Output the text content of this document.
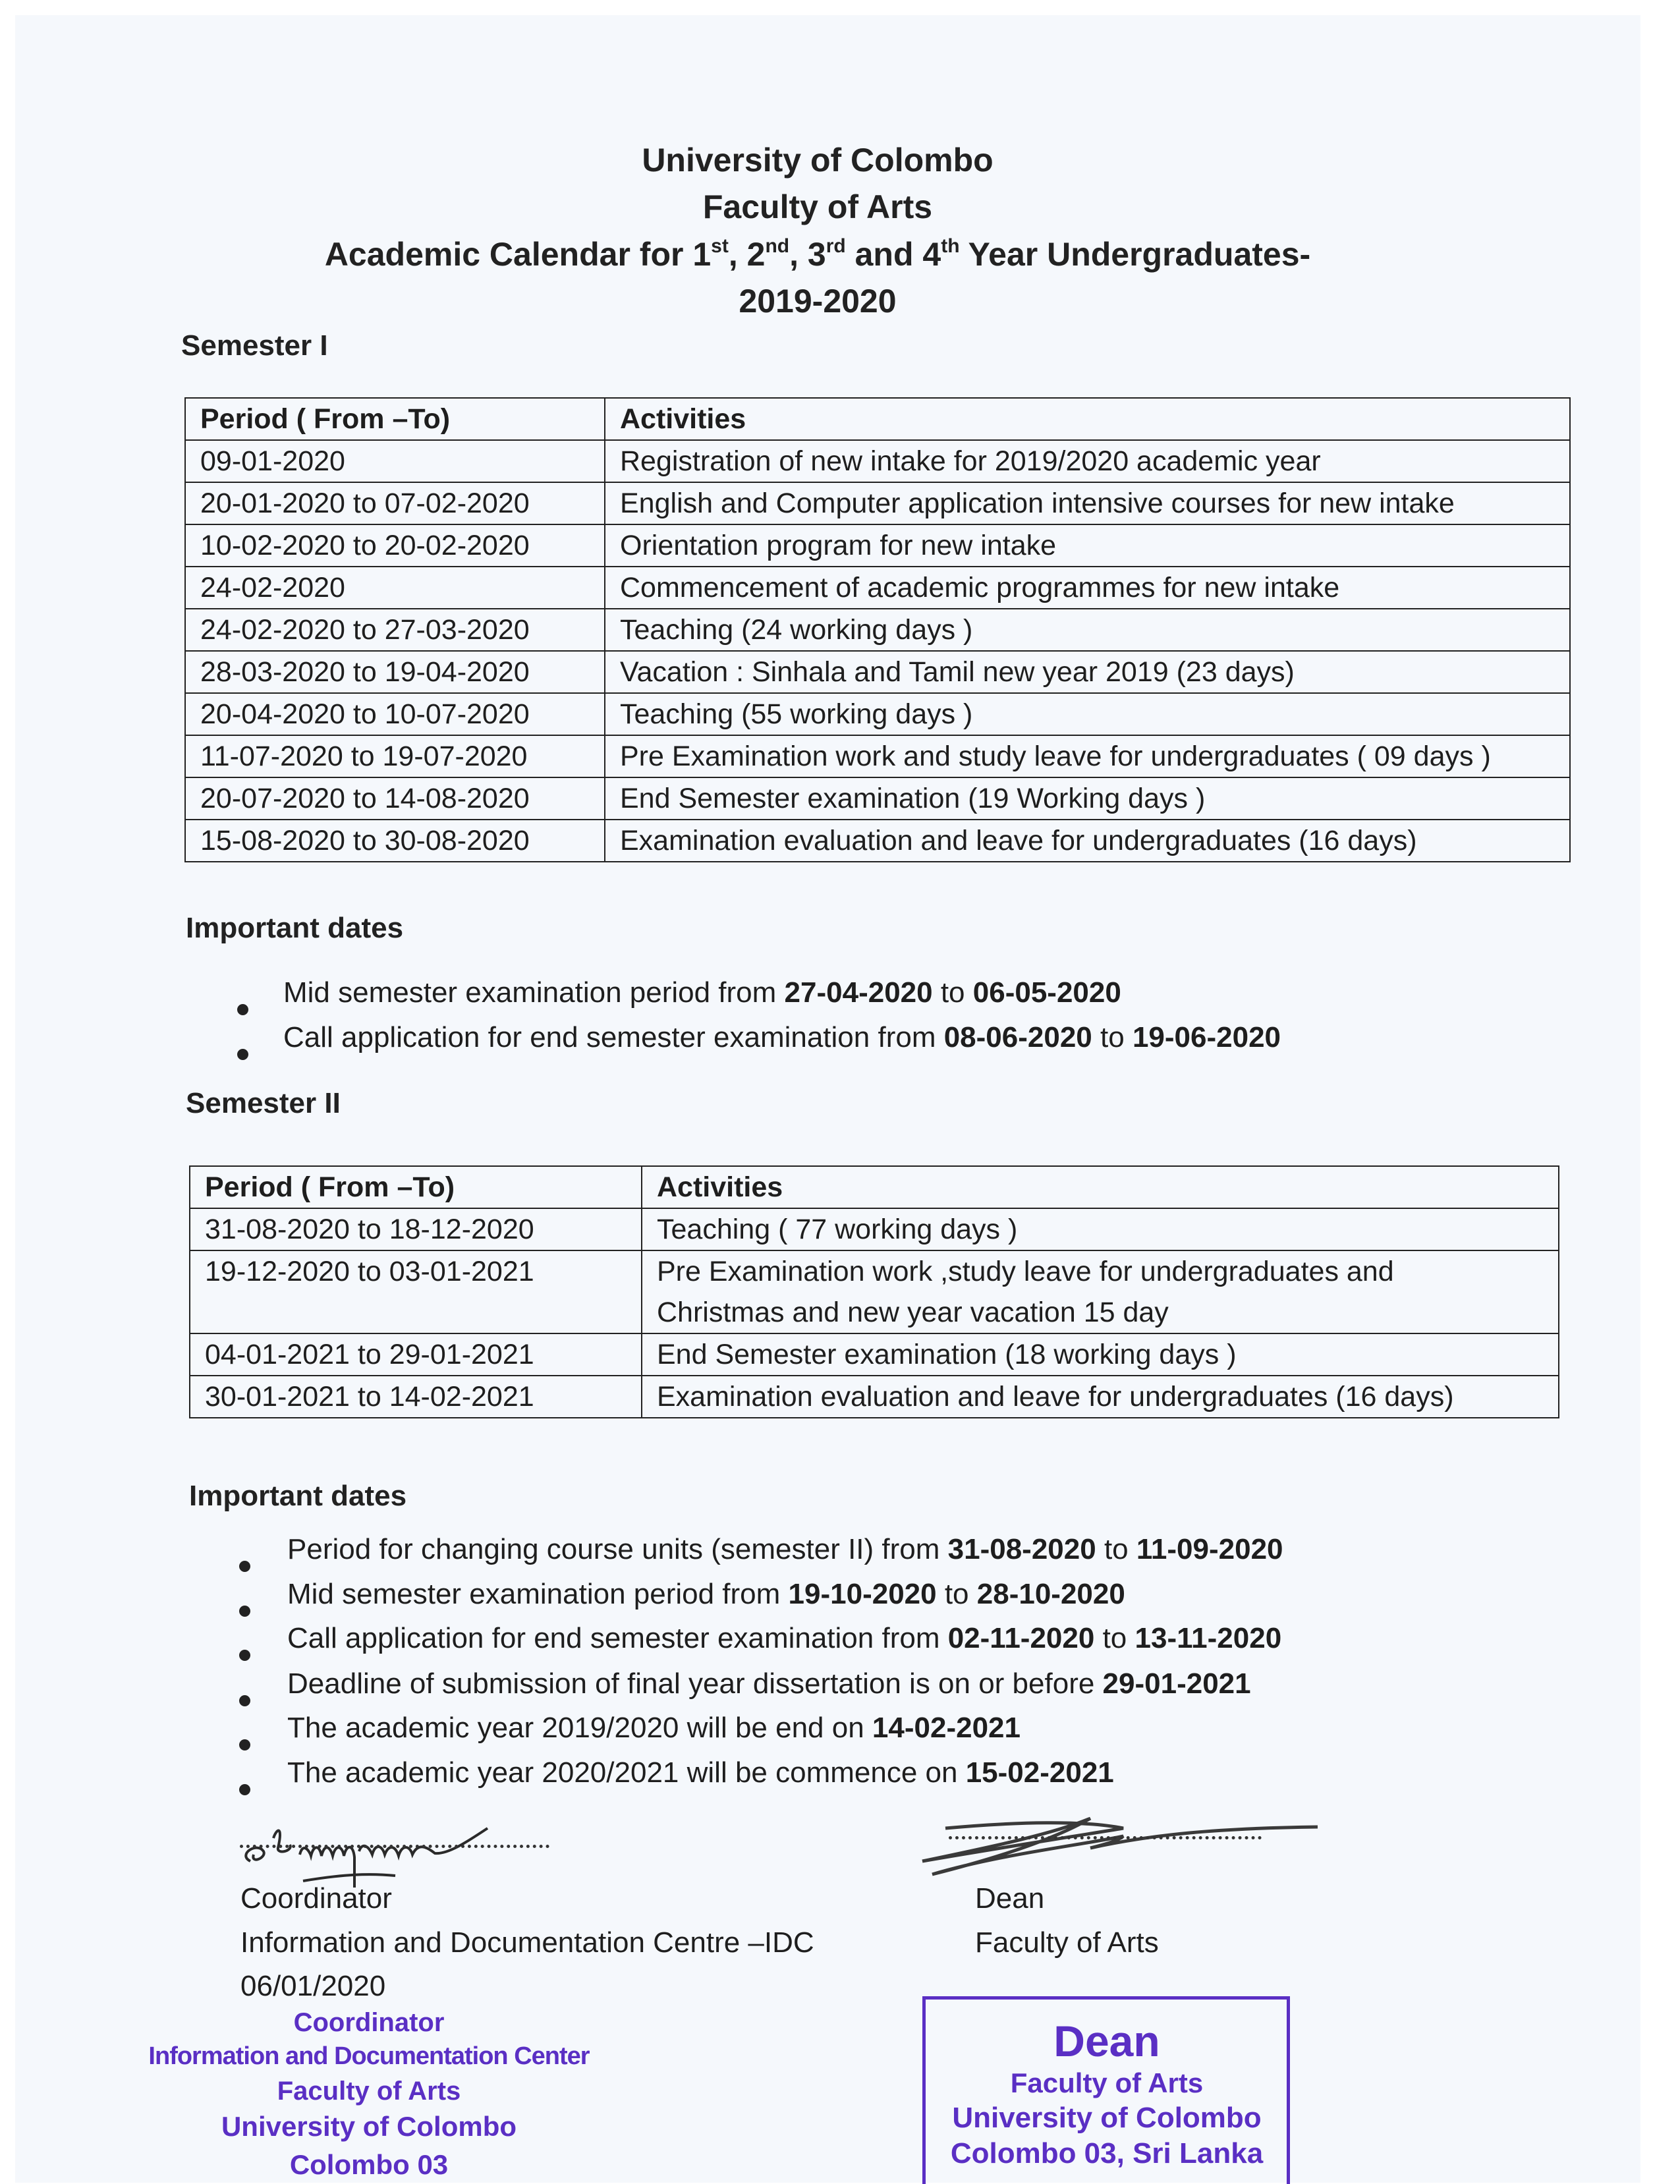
University of Colombo
Faculty of Arts
Academic Calendar for 1st, 2nd, 3rd and 4th Year Undergraduates-
2019-2020
Semester I
Period ( From –To)	Activities
09-01-2020	Registration of new intake for 2019/2020 academic year
20-01-2020 to 07-02-2020	English and Computer application intensive courses for new intake
10-02-2020 to 20-02-2020	Orientation program for new intake
24-02-2020	Commencement of academic programmes for new intake
24-02-2020 to 27-03-2020	Teaching (24 working days )
28-03-2020 to 19-04-2020	Vacation : Sinhala and Tamil new year 2019 (23 days)
20-04-2020 to 10-07-2020	Teaching (55 working days )
11-07-2020 to 19-07-2020	Pre Examination work and study leave for undergraduates ( 09 days )
20-07-2020 to 14-08-2020	End Semester examination (19 Working days )
15-08-2020 to 30-08-2020	Examination evaluation and leave for undergraduates (16 days)
Important dates
Mid semester examination period from 27-04-2020 to 06-05-2020
Call application for end semester examination from 08-06-2020 to 19-06-2020
Semester II
Period ( From –To)	Activities
31-08-2020 to 18-12-2020	Teaching ( 77 working days )
19-12-2020 to 03-01-2021	Pre Examination work ,study leave for undergraduates and Christmas and new year vacation 15 day
04-01-2021 to 29-01-2021	End Semester examination (18 working days )
30-01-2021 to 14-02-2021	Examination evaluation and leave for undergraduates (16 days)
Important dates
Period for changing course units (semester II) from 31-08-2020 to 11-09-2020
Mid semester examination period from 19-10-2020 to 28-10-2020
Call application for end semester examination from 02-11-2020 to 13-11-2020
Deadline of submission of final year dissertation is on or before 29-01-2021
The academic year 2019/2020 will be end on 14-02-2021
The academic year 2020/2021 will be commence on 15-02-2021
Coordinator
Information and Documentation Centre –IDC
06/01/2020
Dean
Faculty of Arts
Coordinator
Information and Documentation Center
Faculty of Arts
University of Colombo
Colombo 03
Dean
Faculty of Arts
University of Colombo
Colombo 03, Sri Lanka
